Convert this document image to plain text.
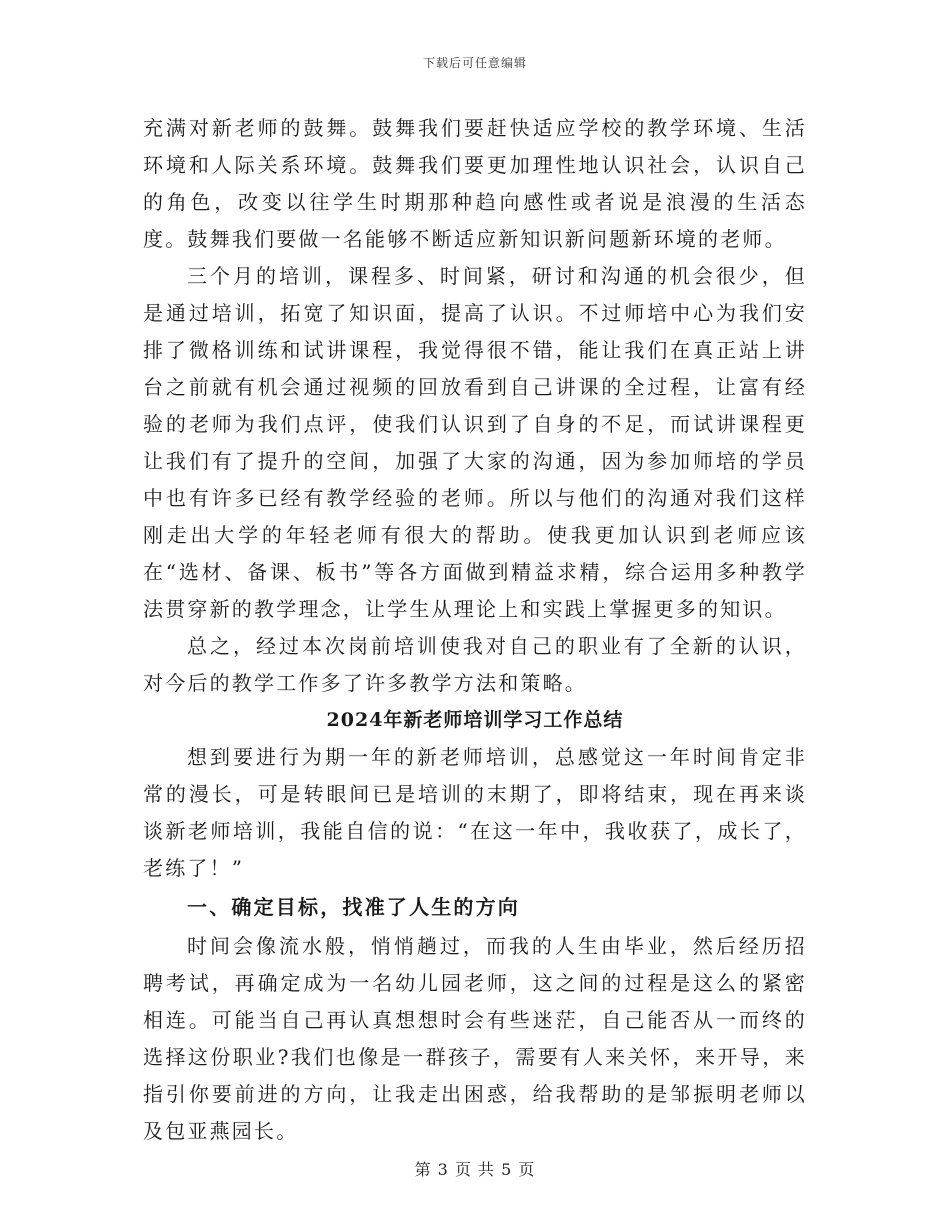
下载后可任意编辑

充满对新老师的鼓舞。鼓舞我们要赶快适应学校的教学环境、生活环境和人际关系环境。鼓舞我们要更加理性地认识社会，认识自己的角色，改变以往学生时期那种趋向感性或者说是浪漫的生活态度。鼓舞我们要做一名能够不断适应新知识新问题新环境的老师。

三个月的培训，课程多、时间紧，研讨和沟通的机会很少，但是通过培训，拓宽了知识面，提高了认识。不过师培中心为我们安排了微格训练和试讲课程，我觉得很不错，能让我们在真正站上讲台之前就有机会通过视频的回放看到自己讲课的全过程，让富有经验的老师为我们点评，使我们认识到了自身的不足，而试讲课程更让我们有了提升的空间，加强了大家的沟通，因为参加师培的学员中也有许多已经有教学经验的老师。所以与他们的沟通对我们这样刚走出大学的年轻老师有很大的帮助。使我更加认识到老师应该在“选材、备课、板书”等各方面做到精益求精，综合运用多种教学法贯穿新的教学理念，让学生从理论上和实践上掌握更多的知识。

总之，经过本次岗前培训使我对自己的职业有了全新的认识，对今后的教学工作多了许多教学方法和策略。

2024年新老师培训学习工作总结

想到要进行为期一年的新老师培训，总感觉这一年时间肯定非常的漫长，可是转眼间已是培训的末期了，即将结束，现在再来谈谈新老师培训，我能自信的说：“在这一年中，我收获了，成长了，老练了！”

一、确定目标，找准了人生的方向

时间会像流水般，悄悄趟过，而我的人生由毕业，然后经历招聘考试，再确定成为一名幼儿园老师，这之间的过程是这么的紧密相连。可能当自己再认真想想时会有些迷茫，自己能否从一而终的选择这份职业?我们也像是一群孩子，需要有人来关怀，来开导，来指引你要前进的方向，让我走出困惑，给我帮助的是邹振明老师以及包亚燕园长。

第 3 页 共 5 页
